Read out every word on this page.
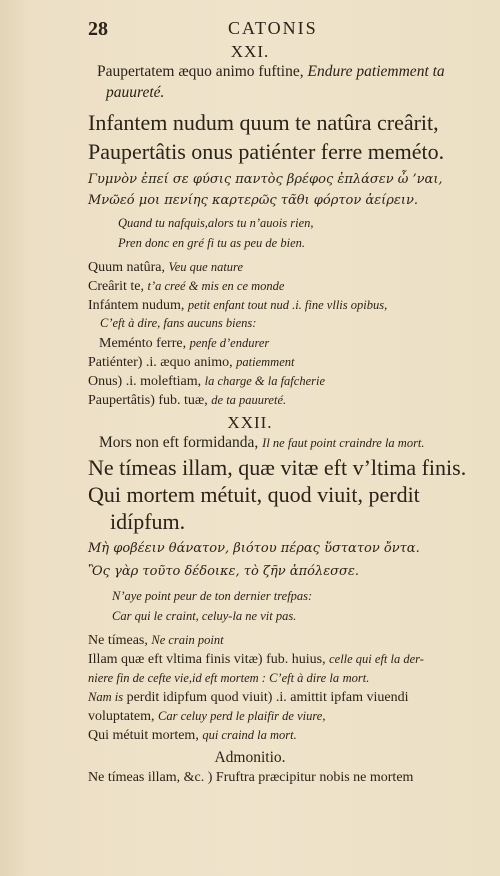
28	CATONIS
XXI.
Paupertatem æquo animo fuftine, Endure patiemment ta
pauureté.
Infantem nudum quum te natûra creârit,
Paupertâtis onus patiénter ferre meméto.
Γυμνὸν ἐπεί σε φύσις παντὸς βρέφος ἐπλάσεν ὦ ’ναι,
Μνῶεό μοι πενίης καρτερῶς τᾶθι φόρτον ἀείρειν.
Quand tu nafquis,alors tu n’auois rien,
Pren donc en gré fi tu as peu de bien.
Quum natûra, Veu que nature
Creârit te, t’a creé & mis en ce monde
Infántem nudum, petit enfant tout nud .i. fine vllis opibus,
C’eft à dire, fans aucuns biens:
Meménto ferre, penfe d’endurer
Patiénter) .i. æquo animo, patiemment
Onus) .i. moleftiam, la charge & la fafcherie
Paupertâtis) fub. tuæ, de ta pauureté.
XXII.
Mors non eft formidanda, Il ne faut point craindre la mort.
Ne tímeas illam, quæ vitæ eft v’ltima finis.
Qui mortem métuit, quod viuit, perdit
idípfum.
Μὴ φοβέειν θάνατον, βιότου πέρας ὕστατον ὄντα.
Ὃς γὰρ τοῦτο δέδοικε, τὸ ζῆν ἀπόλεσσε.
N’aye point peur de ton dernier trefpas:
Car qui le craint, celuy-la ne vit pas.
Ne tímeas, Ne crain point
Illam quæ eft vltima finis vitæ) fub. huius, celle qui eft la der-
niere fin de cefte vie,id eft mortem : C’eft à dire la mort.
Nam is perdit idipfum quod viuit) .i. amittit ipfam viuendi
voluptatem, Car celuy perd le plaifir de viure,
Qui métuit mortem, qui craind la mort.
Admonitio.
Ne tímeas illam, &c. ) Fruftra præcipitur nobis ne mortem
